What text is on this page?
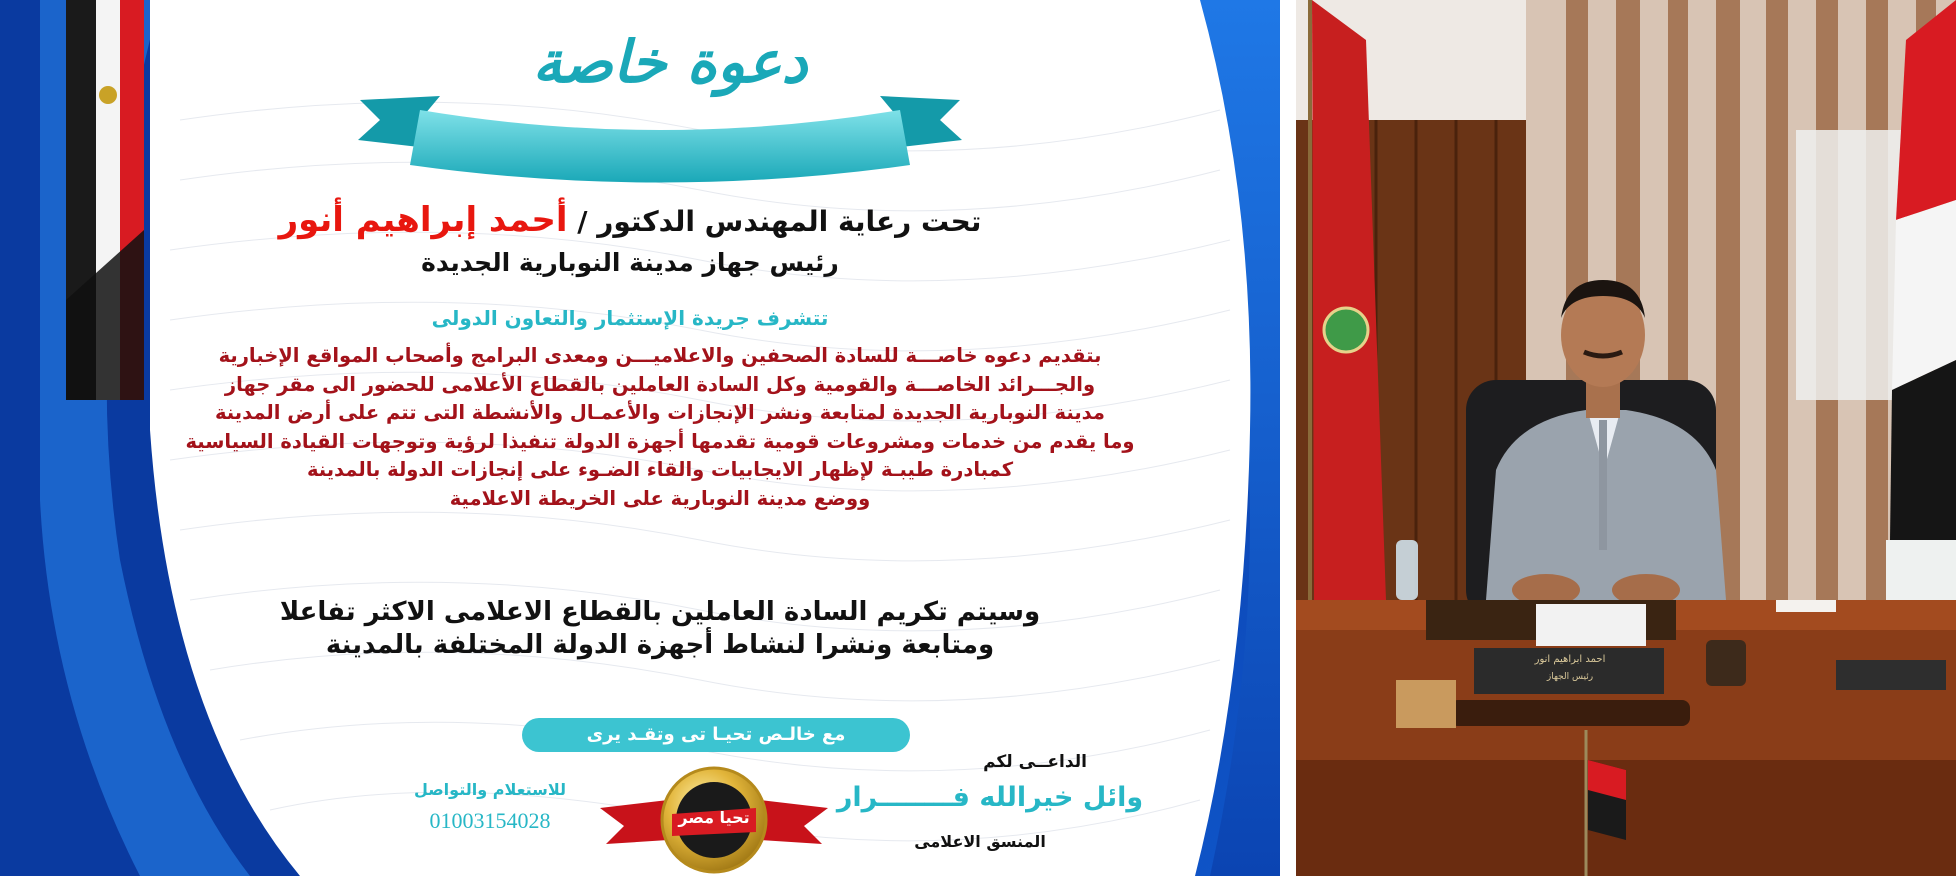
دعوة خاصة
تحت رعاية المهندس الدكتور / أحمد إبراهيم أنور
رئيس جهاز مدينة النوبارية الجديدة
تتشرف جريدة الإستثمار والتعاون الدولى
بتقديم دعوه خاصـــة للسادة الصحفين والاعلاميـــن ومعدى البرامج وأصحاب المواقع الإخبارية
والجـــرائد الخاصـــة والقومية وكل السادة العاملين بالقطاع الأعلامى للحضور الى مقر جهاز
مدينة النوبارية الجديدة لمتابعة ونشر الإنجازات والأعمـال والأنشطة التى تتم على أرض المدينة
وما يقدم من خدمات ومشروعات قومية تقدمها أجهزة الدولة تنفيذا لرؤية وتوجهات القيادة السياسية
كمبادرة طيبـة لإظهار الايجابيات والقاء الضـوء على إنجازات الدولة بالمدينة
ووضع مدينة النوبارية على الخريطة الاعلامية
وسيتم تكريم السادة العاملين بالقطاع الاعلامى الاكثر تفاعلا
ومتابعة ونشرا لنشاط أجهزة الدولة المختلفة بالمدينة
مع خالـص تحيـا تى وتقـد يرى
تحيا مصر
الداعــى لكم
وائل خيرالله فــــــــرار
المنسق الاعلامى
للاستعلام والتواصل
01003154028
احمد ابراهيم انور
رئيس الجهاز
